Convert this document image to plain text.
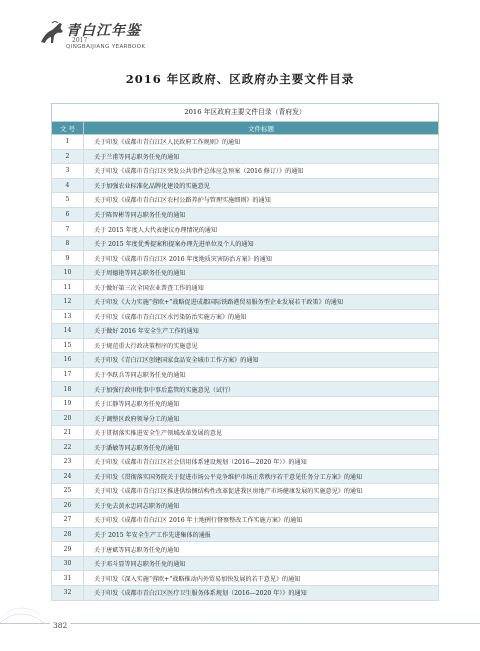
青白江年鉴
2017
QINGBAIJIANG YEARBOOK
2016 年区政府、区政府办主要文件目录
2016 年区政府主要文件目录（青府发）
文 号	文件标题
1	关于印发《成都市青白江区人民政府工作规则》的通知
2	关于兰甫等同志职务任免的通知
3	关于印发《成都市青白江区突发公共事件总体应急预案（2016 修订）》的通知
4	关于加强农业标准化品牌化建设的实施意见
5	关于印发《成都市青白江区农村公路养护与管理实施细则》的通知
6	关于陈智彬等同志职务任免的通知
7	关于 2015 年度人大代表建议办理情况的通知
8	关于 2015 年度优秀提案和提案办理先进单位及个人的通知
9	关于印发《成都市青白江区 2016 年度地质灾害防治方案》的通知
10	关于周德艳等同志职务任免的通知
11	关于做好第三次全国农业普查工作的通知
12	关于印发《大力实施“蓉欧+”战略促进成都国际铁路港贸易服务型企业发展若干政策》的通知
13	关于印发《成都市青白江区水污染防治实施方案》的通知
14	关于做好 2016 年安全生产工作的通知
15	关于规范重大行政决策程序的实施意见
16	关于印发《青白江区创建国家食品安全城市工作方案》的通知
17	关于李跃兵等同志职务任免的通知
18	关于加强行政审批事中事后监管的实施意见（试行）
19	关于江静等同志职务任免的通知
20	关于调整区政府领导分工的通知
21	关于贯彻落实推进安全生产领域改革发展的意见
22	关于潘敏等同志职务任免的通知
23	关于印发《成都市青白江区社会信用体系建设规划（2016—2020 年）》的通知
24	关于印发《贯彻落实国务院关于促进市场公平竞争维护市场正常秩序若干意见任务分工方案》的通知
25	关于印发《成都市青白江区推进供给侧结构性改革促进我区房地产市场健康发展的实施意见》的通知
26	关于免去黄永忠同志职务的通知
27	关于印发《成都市青白江区 2016 年土地例行督察整改工作实施方案》的通知
28	关于 2015 年安全生产工作先进集体的通报
29	关于唐斌等同志职务任免的通知
30	关于邓斗显等同志职务任免的通知
31	关于印发《深入实施“蓉欧+”战略推动内外贸易加快发展的若干意见》的通知
32	关于印发《成都市青白江区医疗卫生服务体系规划（2016—2020 年）》的通知
382
